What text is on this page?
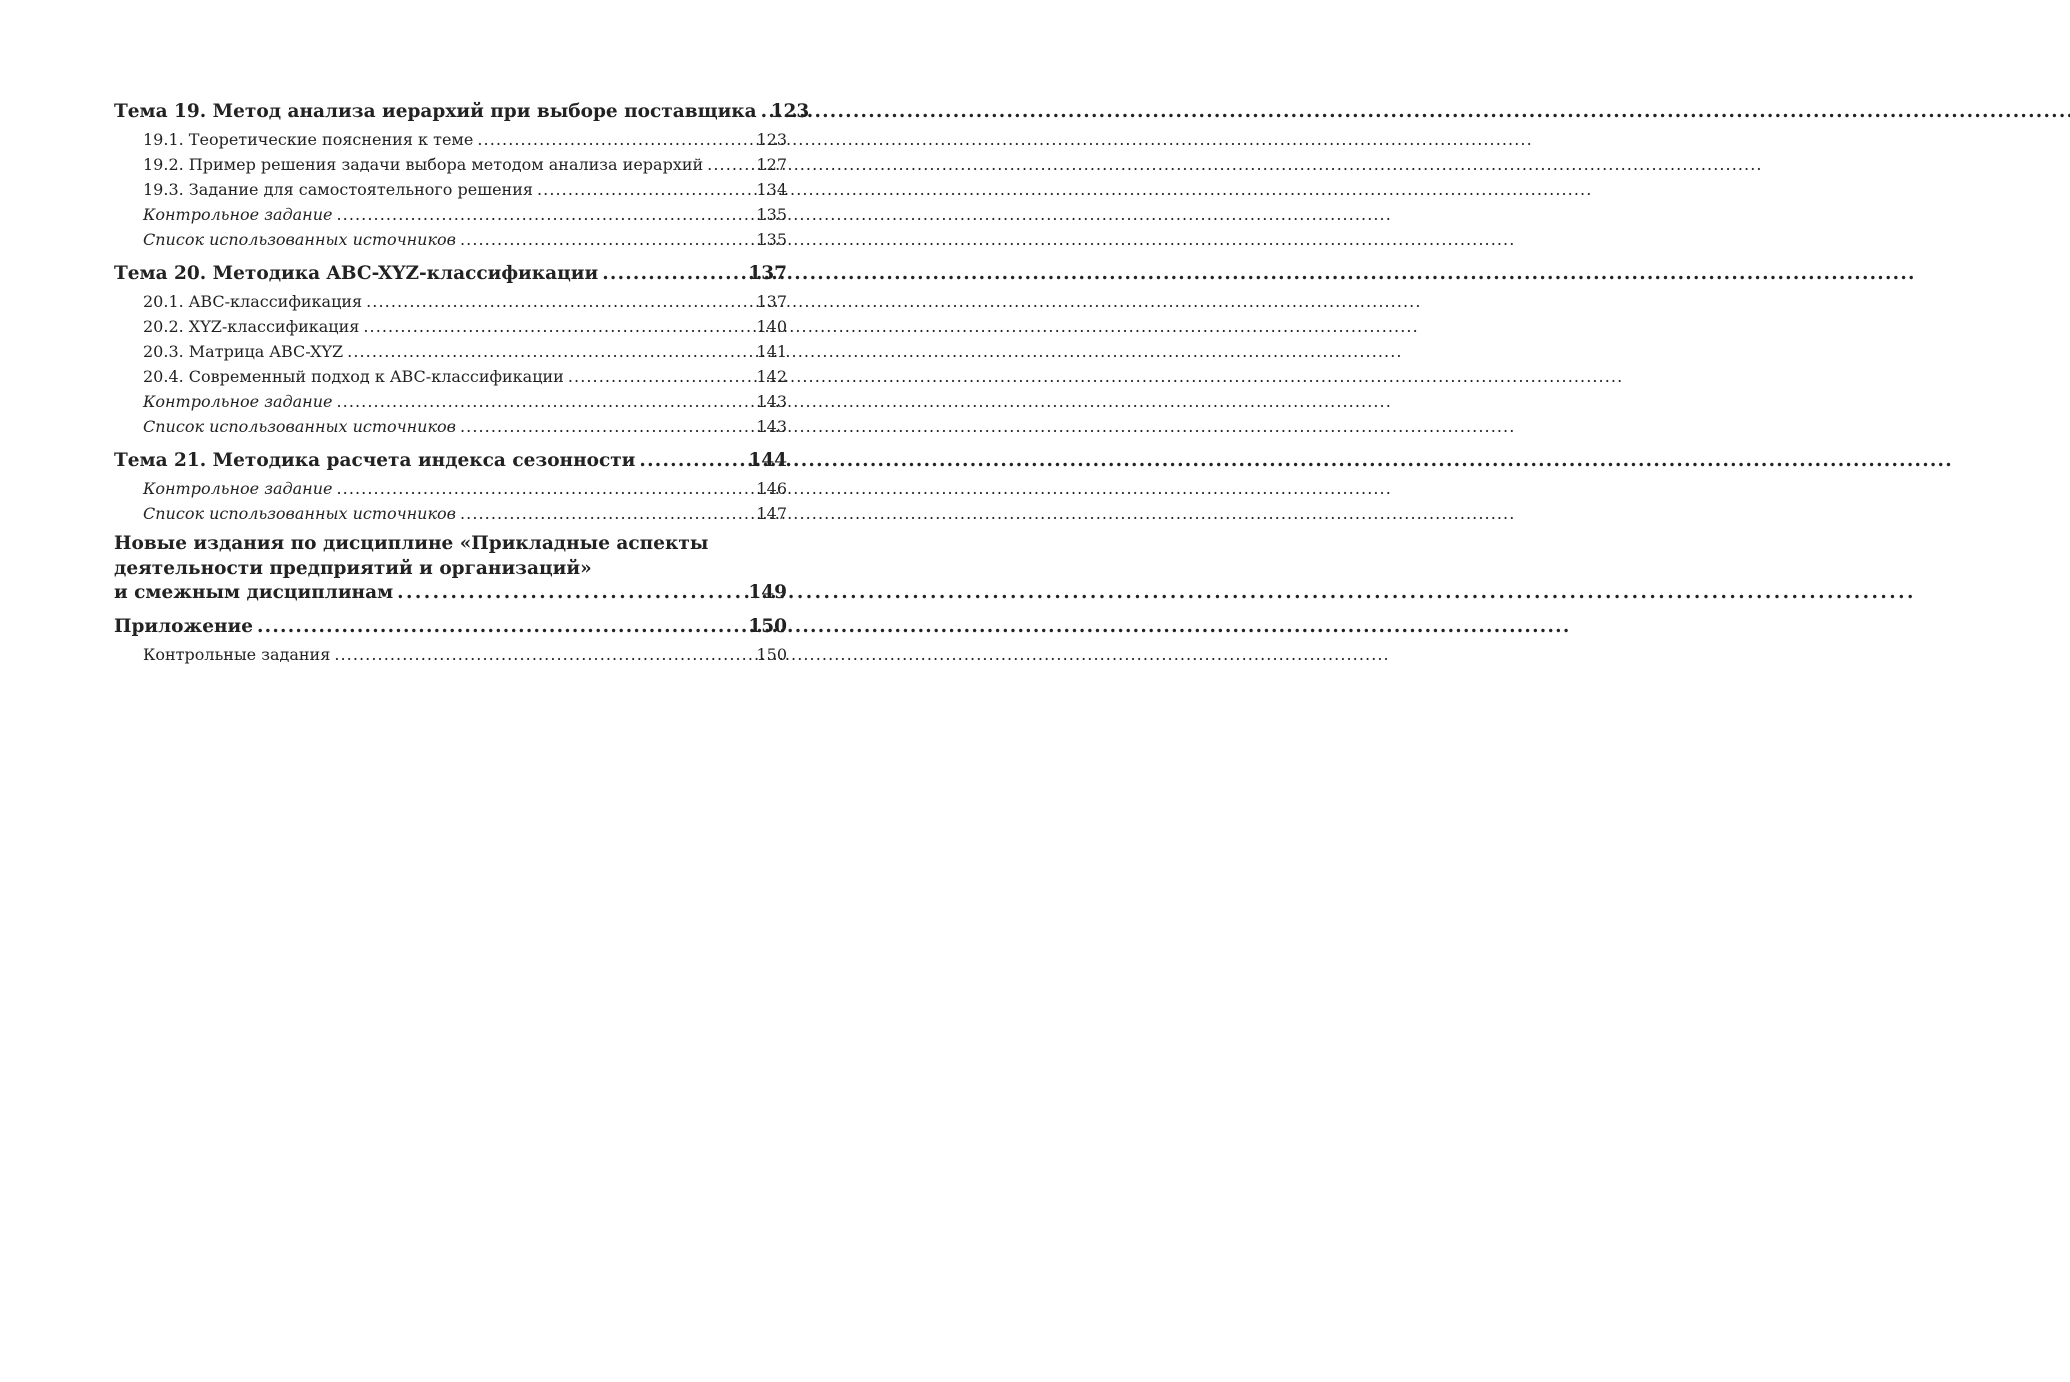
Тема 19. Метод анализа иерархий при выборе поставщика . . . 123
19.1. Теоретические пояснения к теме . . .	123
19.2. Пример решения задачи выбора методом анализа иерархий . . .	127
19.3. Задание для самостоятельного решения . . .	134
Контрольное задание . . .	135
Список использованных источников . . .	135
Тема 20. Методика ABC-XYZ-классификации . . .	137
20.1. ABC-классификация . . .	137
20.2. XYZ-классификация . . .	140
20.3. Матрица ABC-XYZ . . .	141
20.4. Современный подход к ABC-классификации . . .	142
Контрольное задание . . .	143
Список использованных источников . . .	143
Тема 21. Методика расчета индекса сезонности . . .	144
Контрольное задание . . .	146
Список использованных источников . . .	147
Новые издания по дисциплине «Прикладные аспекты
деятельности предприятий и организаций»
и смежным дисциплинам . . .	149
Приложение . . .	150
Контрольные задания . . .	150
